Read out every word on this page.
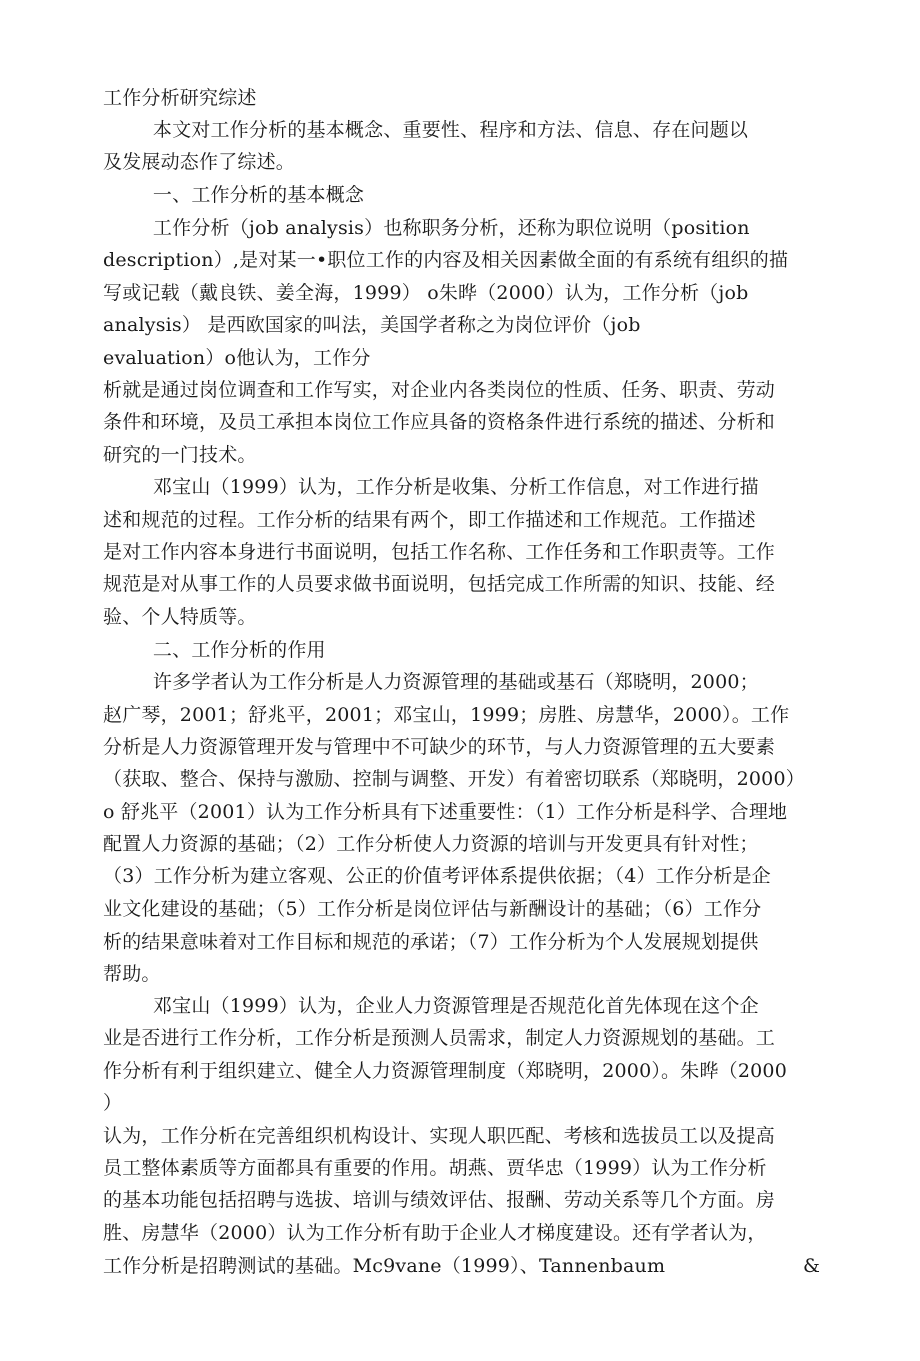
工作分析研究综述
本文对工作分析的基本概念、重要性、程序和方法、信息、存在问题以
及发展动态作了综述。
一、工作分析的基本概念
工作分析（job analysis）也称职务分析，还称为职位说明（position
description）,是对某一•职位工作的内容及相关因素做全面的有系统有组织的描
写或记载（戴良铁、姜全海，1999） o朱晔（2000）认为，工作分析（job
analysis） 是西欧国家的叫法，美国学者称之为岗位评价（job
evaluation）o他认为，工作分
析就是通过岗位调查和工作写实，对企业内各类岗位的性质、任务、职责、劳动
条件和环境，及员工承担本岗位工作应具备的资格条件进行系统的描述、分析和
研究的一门技术。
邓宝山（1999）认为，工作分析是收集、分析工作信息，对工作进行描
述和规范的过程。工作分析的结果有两个，即工作描述和工作规范。工作描述
是对工作内容本身进行书面说明，包括工作名称、工作任务和工作职责等。工作
规范是对从事工作的人员要求做书面说明，包括完成工作所需的知识、技能、经
验、个人特质等。
二、工作分析的作用
许多学者认为工作分析是人力资源管理的基础或基石（郑晓明，2000；
赵广琴，2001；舒兆平，2001；邓宝山，1999；房胜、房慧华，2000）。工作
分析是人力资源管理开发与管理中不可缺少的环节，与人力资源管理的五大要素
（获取、整合、保持与激励、控制与调整、开发）有着密切联系（郑晓明，2000）
o 舒兆平（2001）认为工作分析具有下述重要性：（1）工作分析是科学、合理地
配置人力资源的基础；（2）工作分析使人力资源的培训与开发更具有针对性；
（3）工作分析为建立客观、公正的价值考评体系提供依据；（4）工作分析是企
业文化建设的基础；（5）工作分析是岗位评估与新酬设计的基础；（6）工作分
析的结果意味着对工作目标和规范的承诺；（7）工作分析为个人发展规划提供
帮助。
邓宝山（1999）认为，企业人力资源管理是否规范化首先体现在这个企
业是否进行工作分析，工作分析是预测人员需求，制定人力资源规划的基础。工
作分析有利于组织建立、健全人力资源管理制度（郑晓明，2000）。朱晔（2000
）
认为，工作分析在完善组织机构设计、实现人职匹配、考核和选拔员工以及提高
员工整体素质等方面都具有重要的作用。胡燕、贾华忠（1999）认为工作分析
的基本功能包括招聘与选拔、培训与绩效评估、报酬、劳动关系等几个方面。房
胜、房慧华（2000）认为工作分析有助于企业人才梯度建设。还有学者认为，
工作分析是招聘测试的基础。Mc9vane（1999）、Tannenbaum	&
